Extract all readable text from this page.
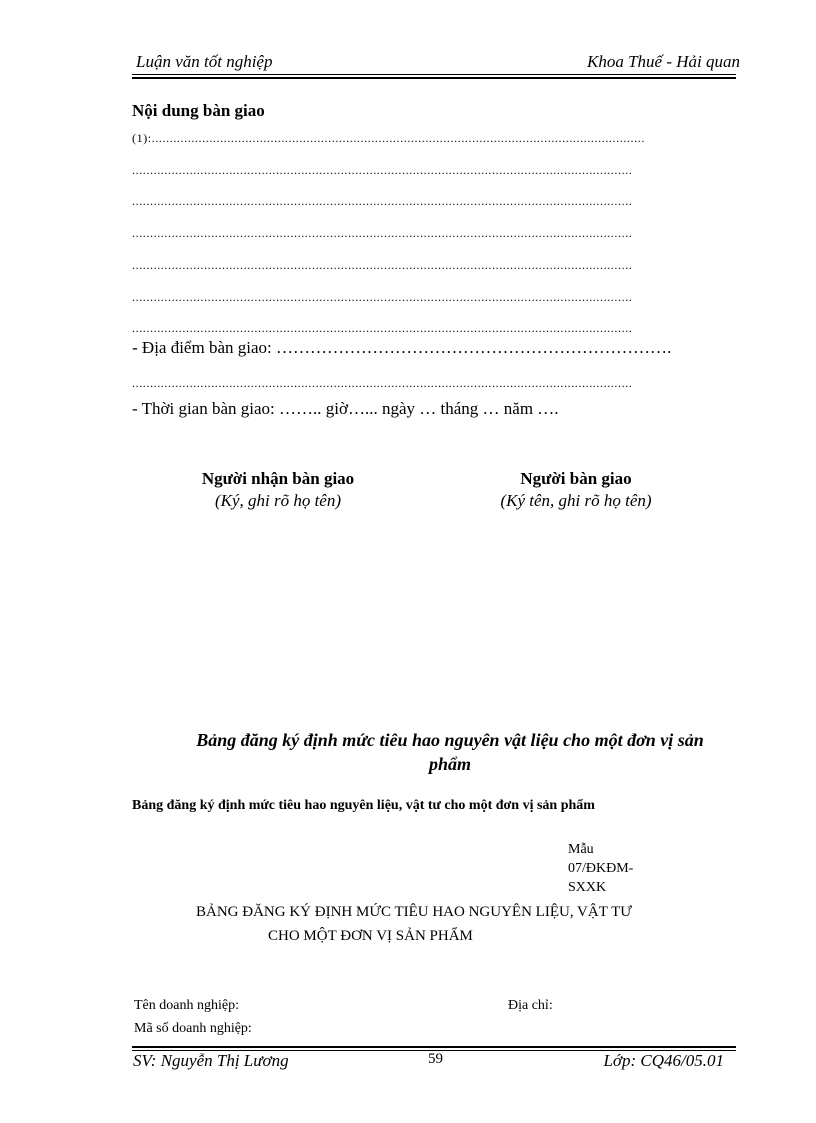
Luận văn tốt nghiệp	Khoa Thuế - Hải quan
Nội dung bàn giao
(1):.........................................................................................................................................
...........................................................................................................................................
...........................................................................................................................................
...........................................................................................................................................
...........................................................................................................................................
...........................................................................................................................................
...........................................................................................................................................
- Địa điểm bàn giao: …………………………………………………………….
...........................................................................................................................................
- Thời gian bàn giao: …….. giờ…... ngày … tháng … năm ….
Người nhận bàn giao
(Ký, ghi rõ họ tên)
Người bàn giao
(Ký tên, ghi rõ họ tên)
Bảng đăng ký định mức tiêu hao nguyên vật liệu cho một đơn vị sản
phẩm
Bảng đăng ký định mức tiêu hao nguyên liệu, vật tư cho một đơn vị sản phẩm
Mẫu
07/ĐKĐM-
SXXK
BẢNG ĐĂNG KÝ ĐỊNH MỨC TIÊU HAO NGUYÊN LIỆU, VẬT TƯ
CHO MỘT ĐƠN VỊ SẢN PHẨM
Tên doanh nghiệp:	Địa chỉ:
Mã số doanh nghiệp:
SV: Nguyễn Thị Lương	59	Lớp: CQ46/05.01
